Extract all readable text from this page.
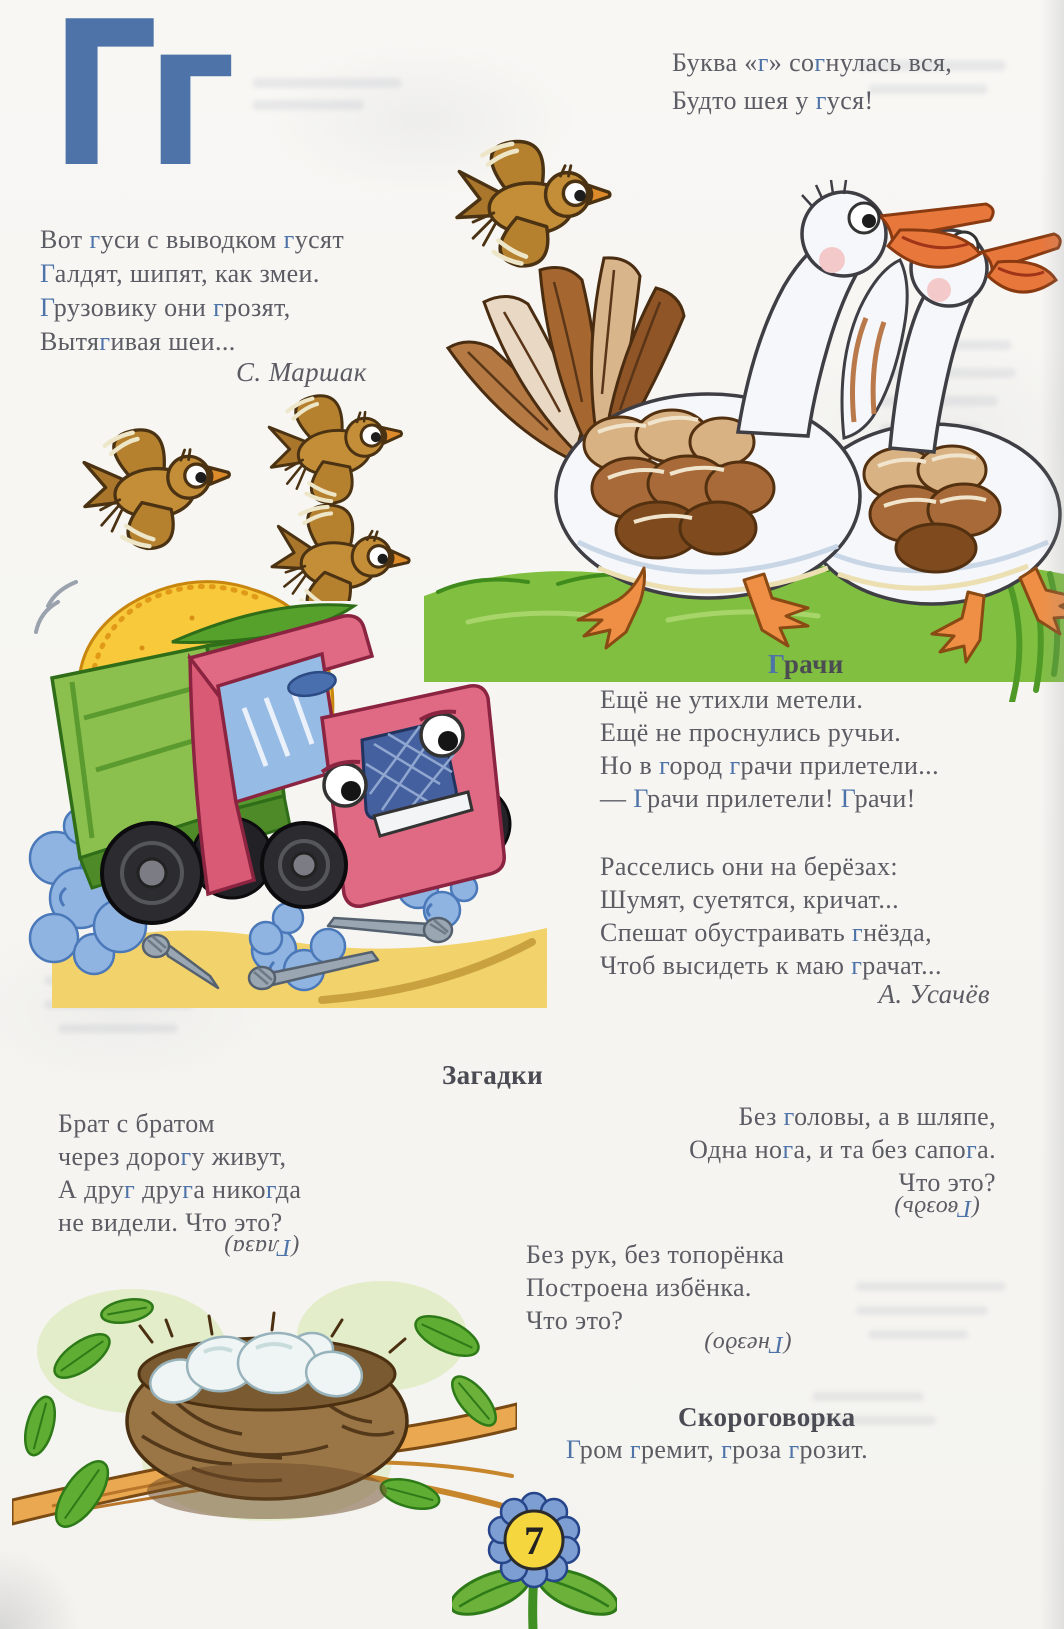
Гг	Буква «г» согнулась вся,
Будто шея у гуся!
Вот гуси с выводком гусят
Галдят, шипят, как змеи.
Грузовику они грозят,
Вытягивая шеи...
С. Маршак
Грачи
Ещё не утихли метели.
Ещё не проснулись ручьи.
Но в город грачи прилетели...
— Грачи прилетели! Грачи!
Расселись они на берёзах:
Шумят, суетятся, кричат...
Спешат обустраивать гнёзда,
Чтоб высидеть к маю грачат...
А. Усачёв
Загадки
Брат с братом
через дорогу живут,
А друг друга никогда
не видели. Что это?
(Глаза)
Без головы, а в шляпе,
Одна нога, и та без сапога.
Что это?
(Гвоздь)
Без рук, без топорёнка
Построена избёнка.
Что это?
(Гнездо)
Скороговорка
Гром гремит, гроза грозит.
7
